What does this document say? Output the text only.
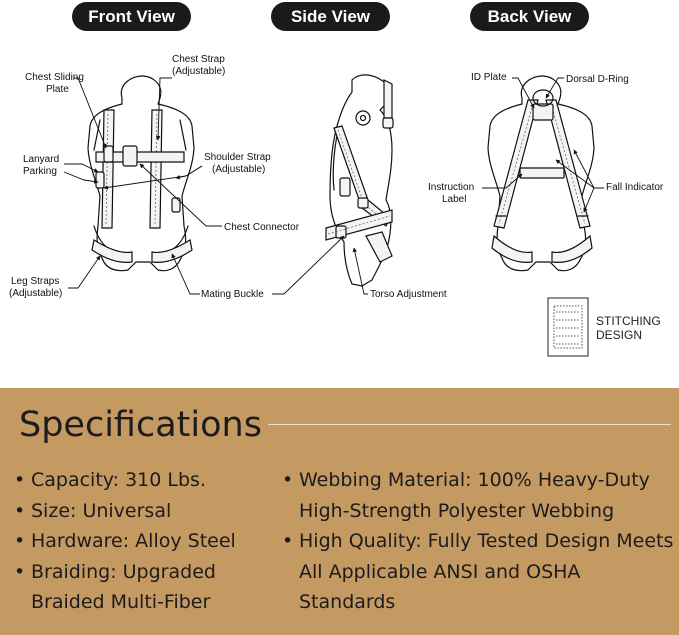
Front View	Side View	Back View
Chest Strap (Adjustable)
Chest Sliding Plate
Lanyard Parking
Shoulder Strap (Adjustable)
Chest Connector
Leg Straps (Adjustable)	Mating Buckle	Torso Adjustment
ID Plate	Dorsal D-Ring
Instruction Label
Fall Indicator
STITCHING DESIGN
Specifications
• Capacity: 310 Lbs.
• Size: Universal
• Hardware: Alloy Steel
• Braiding: Upgraded Braided Multi-Fiber
• Webbing Material: 100% Heavy-Duty High-Strength Polyester Webbing
• High Quality: Fully Tested Design Meets All Applicable ANSI and OSHA Standards
